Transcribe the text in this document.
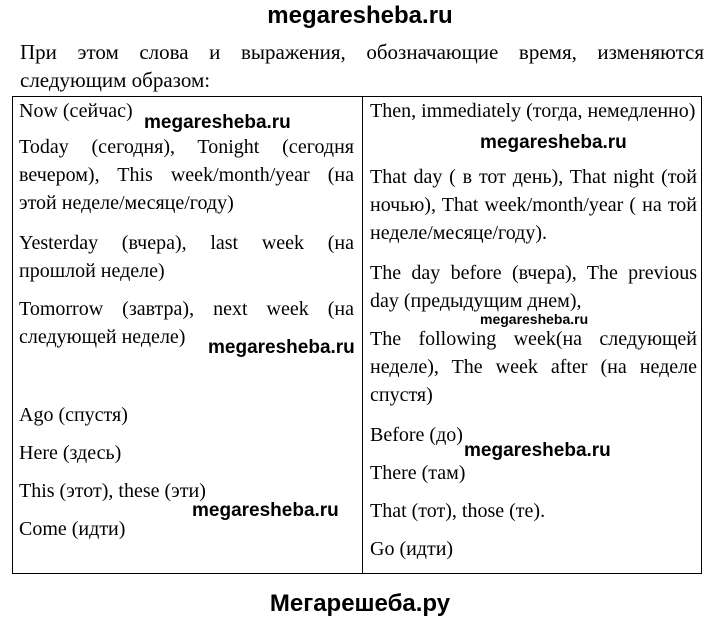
megaresheba.ru
При этом слова и выражения, обозначающие время, изменяются следующим образом:
Now (сейчас)
Today (сегодня), Tonight (сегодня вечером), This week/month/year (на этой неделе/месяце/году)
Yesterday (вчера), last week (на прошлой неделе)
Tomorrow (завтра), next week (на следующей неделе)
Ago (спустя)
Here (здесь)
This (этот), these (эти)
Come (идти)
Then, immediately (тогда, немедленно)
That day ( в тот день), That night (той ночью), That week/month/year ( на той неделе/месяце/году).
The day before (вчера), The previous day (предыдущим днем),
The following week(на следующей неделе), The week after (на неделе спустя)
Before (до)
There (там)
That (тот), those (те).
Go (идти)
megaresheba.ru
megaresheba.ru
megaresheba.ru
megaresheba.ru
megaresheba.ru
megaresheba.ru
Мегарешеба.ру
